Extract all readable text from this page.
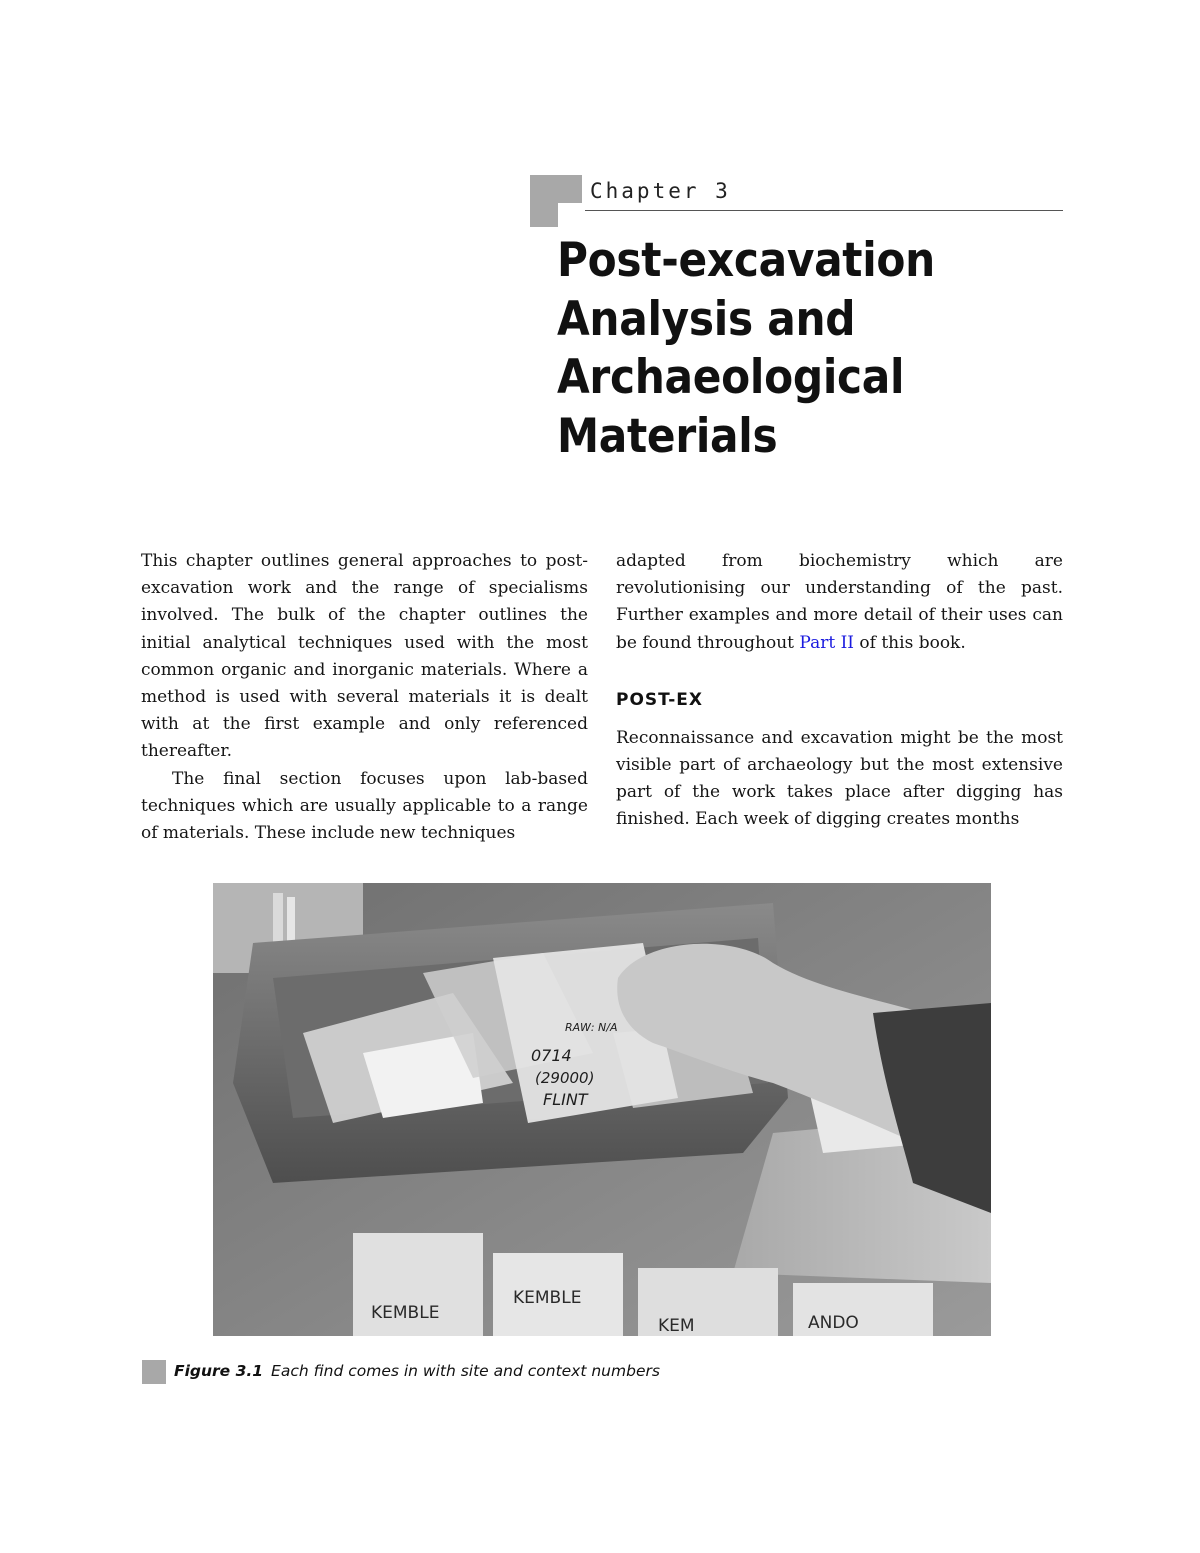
Chapter 3
Post-excavation
Analysis and
Archaeological
Materials

This chapter outlines general approaches to post-excavation work and the range of specialisms involved. The bulk of the chapter outlines the initial analytical techniques used with the most common organic and inorganic materials. Where a method is used with several materials it is dealt with at the first example and only referenced thereafter.

The final section focuses upon lab-based techniques which are usually applicable to a range of materials. These include new techniques

adapted from biochemistry which are revolutionising our understanding of the past. Further examples and more detail of their uses can be found throughout Part II of this book.

POST-EX

Reconnaissance and excavation might be the most visible part of archaeology but the most extensive part of the work takes place after digging has finished. Each week of digging creates months

0714
(29000)
FLINT
RAW: N/A
KEMBLE
KEMBLE
KEM	ANDO
Figure 3.1 Each find comes in with site and context numbers
